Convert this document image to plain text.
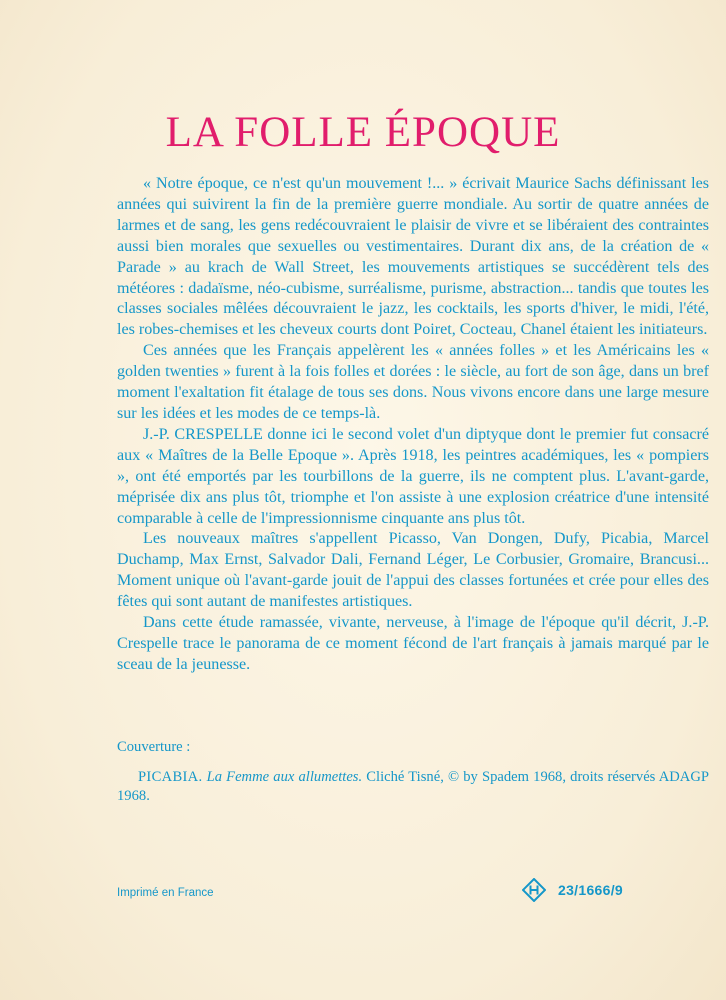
LA FOLLE ÉPOQUE

« Notre époque, ce n'est qu'un mouvement !... » écrivait Maurice Sachs définissant les années qui suivirent la fin de la première guerre mondiale. Au sortir de quatre années de larmes et de sang, les gens redécouvraient le plaisir de vivre et se libéraient des contraintes aussi bien morales que sexuelles ou vestimentaires. Durant dix ans, de la création de « Parade » au krach de Wall Street, les mouvements artistiques se succédèrent tels des météores : dadaïsme, néo-cubisme, surréalisme, purisme, abstraction... tandis que toutes les classes sociales mêlées découvraient le jazz, les cocktails, les sports d'hiver, le midi, l'été, les robes-chemises et les cheveux courts dont Poiret, Cocteau, Chanel étaient les initiateurs.

Ces années que les Français appelèrent les « années folles » et les Américains les « golden twenties » furent à la fois folles et dorées : le siècle, au fort de son âge, dans un bref moment l'exaltation fit étalage de tous ses dons. Nous vivons encore dans une large mesure sur les idées et les modes de ce temps-là.

J.-P. CRESPELLE donne ici le second volet d'un diptyque dont le premier fut consacré aux « Maîtres de la Belle Epoque ». Après 1918, les peintres académiques, les « pompiers », ont été emportés par les tourbillons de la guerre, ils ne comptent plus. L'avant-garde, méprisée dix ans plus tôt, triomphe et l'on assiste à une explosion créatrice d'une intensité comparable à celle de l'impressionnisme cinquante ans plus tôt.

Les nouveaux maîtres s'appellent Picasso, Van Dongen, Dufy, Picabia, Marcel Duchamp, Max Ernst, Salvador Dali, Fernand Léger, Le Corbusier, Gromaire, Brancusi... Moment unique où l'avant-garde jouit de l'appui des classes fortunées et crée pour elles des fêtes qui sont autant de manifestes artistiques.

Dans cette étude ramassée, vivante, nerveuse, à l'image de l'époque qu'il décrit, J.-P. Crespelle trace le panorama de ce moment fécond de l'art français à jamais marqué par le sceau de la jeunesse.

Couverture :

PICABIA. La Femme aux allumettes. Cliché Tisné, © by Spadem 1968, droits réservés ADAGP 1968.

Imprimé en France	23/1666/9
